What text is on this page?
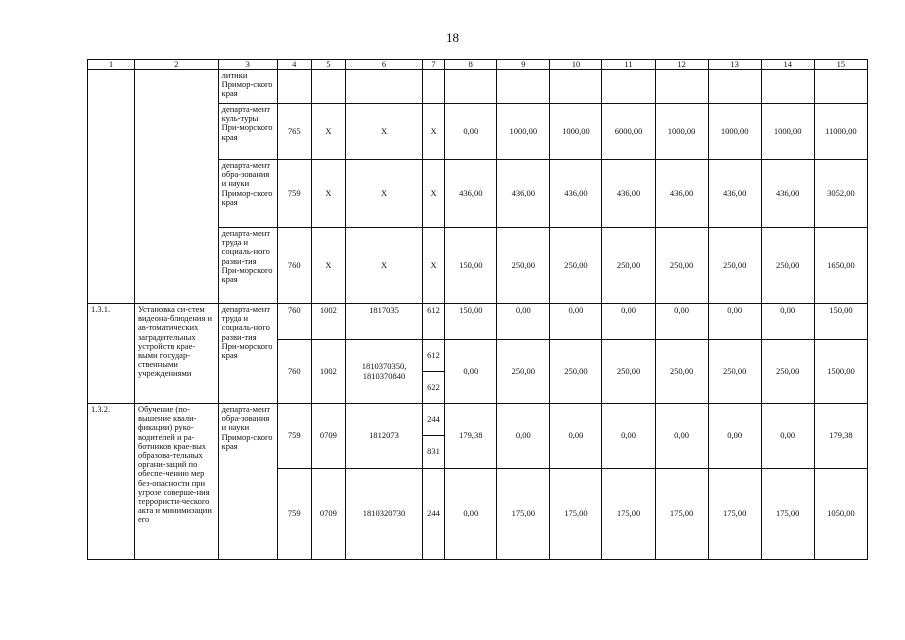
18
1	2	3	4	5	6	7	8	9	10	11	12	13	14	15
		литики Примор-ского края												
		департа-мент куль-туры При-морского края	765	Х	Х	Х	0,00	1000,00	1000,00	6000,00	1000,00	1000,00	1000,00	11000,00
		департа-мент обра-зования и науки Примор-ского края	759	Х	Х	Х	436,00	436,00	436,00	436,00	436,00	436,00	436,00	3052,00
		департа-мент труда и социаль-ного разви-тия При-морского края	760	Х	Х	Х	150,00	250,00	250,00	250,00	250,00	250,00	250,00	1650,00
1.3.1.	Установка си-стем видеона-блюдения и ав-томатических заградительных устройств крае-выми государ-ственными учреждениями	департа-мент труда и социаль-ного разви-тия При-морского края	760	1002	1817035	612	150,00	0,00	0,00	0,00	0,00	0,00	0,00	150,00
			760	1002	1810370350, 1810370840	612	0,00	250,00	250,00	250,00	250,00	250,00	250,00	1500,00
						622								
1.3.2.	Обучение (по-вышение квали-фикации) руко-водителей и ра-ботников крае-вых образова-тельных органи-заций по обеспе-чению мер без-опасности при угрозе соверше-ния террористи-ческого акта и минимизации его	департа-мент обра-зования и науки Примор-ского края	759	0709	1812073	244	179,38	0,00	0,00	0,00	0,00	0,00	0,00	179,38
						831								
			759	0709	1810320730	244	0,00	175,00	175,00	175,00	175,00	175,00	175,00	1050,00
